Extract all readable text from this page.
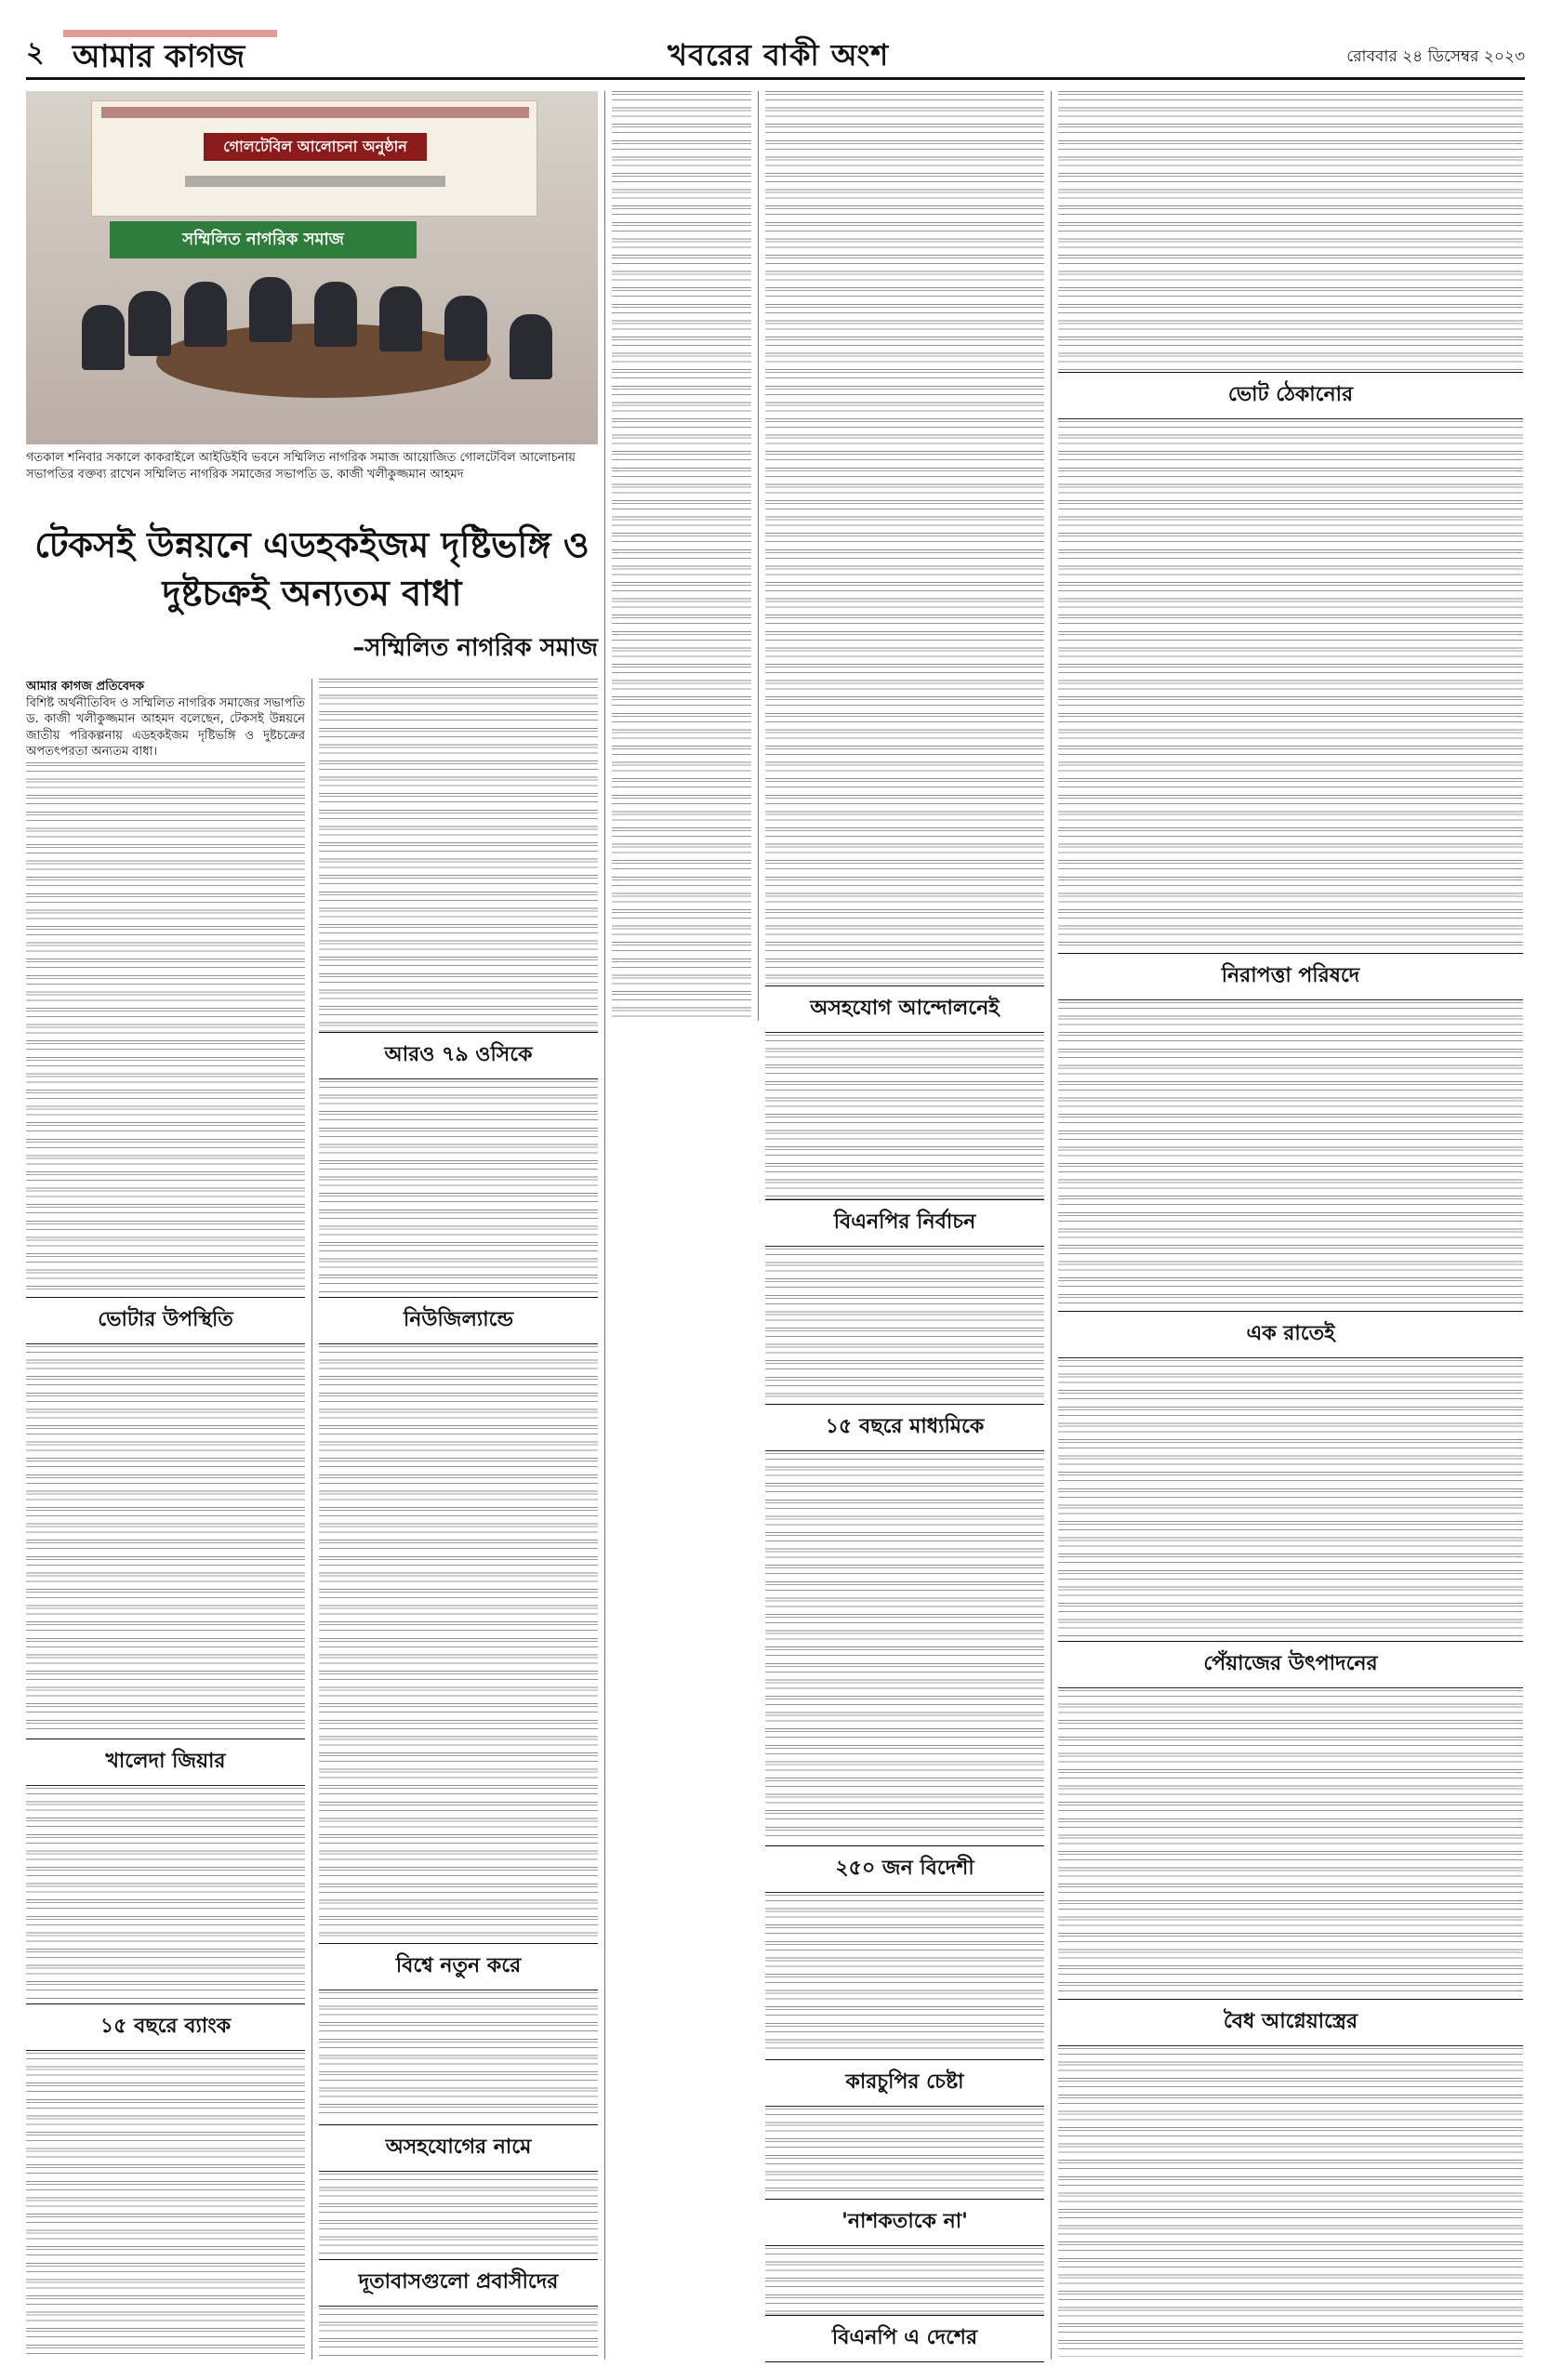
২ আমার কাগজ	খবরের বাকী অংশ	রোববার ২৪ ডিসেম্বর ২০২৩
গোলটেবিল আলোচনা অনুষ্ঠান
সম্মিলিত নাগরিক সমাজ
গতকাল শনিবার সকালে কাকরাইলে আইডিইবি ভবনে সম্মিলিত নাগরিক সমাজ আয়োজিত গোলটেবিল আলোচনায় সভাপতির বক্তব্য রাখেন সম্মিলিত নাগরিক সমাজের সভাপতি ড. কাজী খলীকুজ্জমান আহমদ
টেকসই উন্নয়নে এডহকইজম দৃষ্টিভঙ্গি ও দুষ্টচক্রই অন্যতম বাধা
–সম্মিলিত নাগরিক সমাজ
আমার কাগজ প্রতিবেদক
বিশিষ্ট অর্থনীতিবিদ ও সম্মিলিত নাগরিক সমাজের সভাপতি ড. কাজী খলীকুজ্জমান আহমদ বলেছেন, টেকসই উন্নয়নে জাতীয় পরিকল্পনায় এডহকইজম দৃষ্টিভঙ্গি ও দুষ্টচক্রের অপতৎপরতা অন্যতম বাধা।
আরও ৭৯ ওসিকে
ভোটার উপস্থিতি
খালেদা জিয়ার
১৫ বছরে ব্যাংক
নিউজিল্যান্ডে
বিশ্বে নতুন করে
অসহযোগের নামে
দূতাবাসগুলো প্রবাসীদের
অসহযোগ আন্দোলনেই
বিএনপির নির্বাচন
১৫ বছরে মাধ্যমিকে
২৫০ জন বিদেশী
কারচুপির চেষ্টা
'নাশকতাকে না'
বিএনপি এ দেশের
ভোট ঠেকানোর
নিরাপত্তা পরিষদে
এক রাতেই
পেঁয়াজের উৎপাদনের
বৈধ আগ্নেয়াস্ত্রের
